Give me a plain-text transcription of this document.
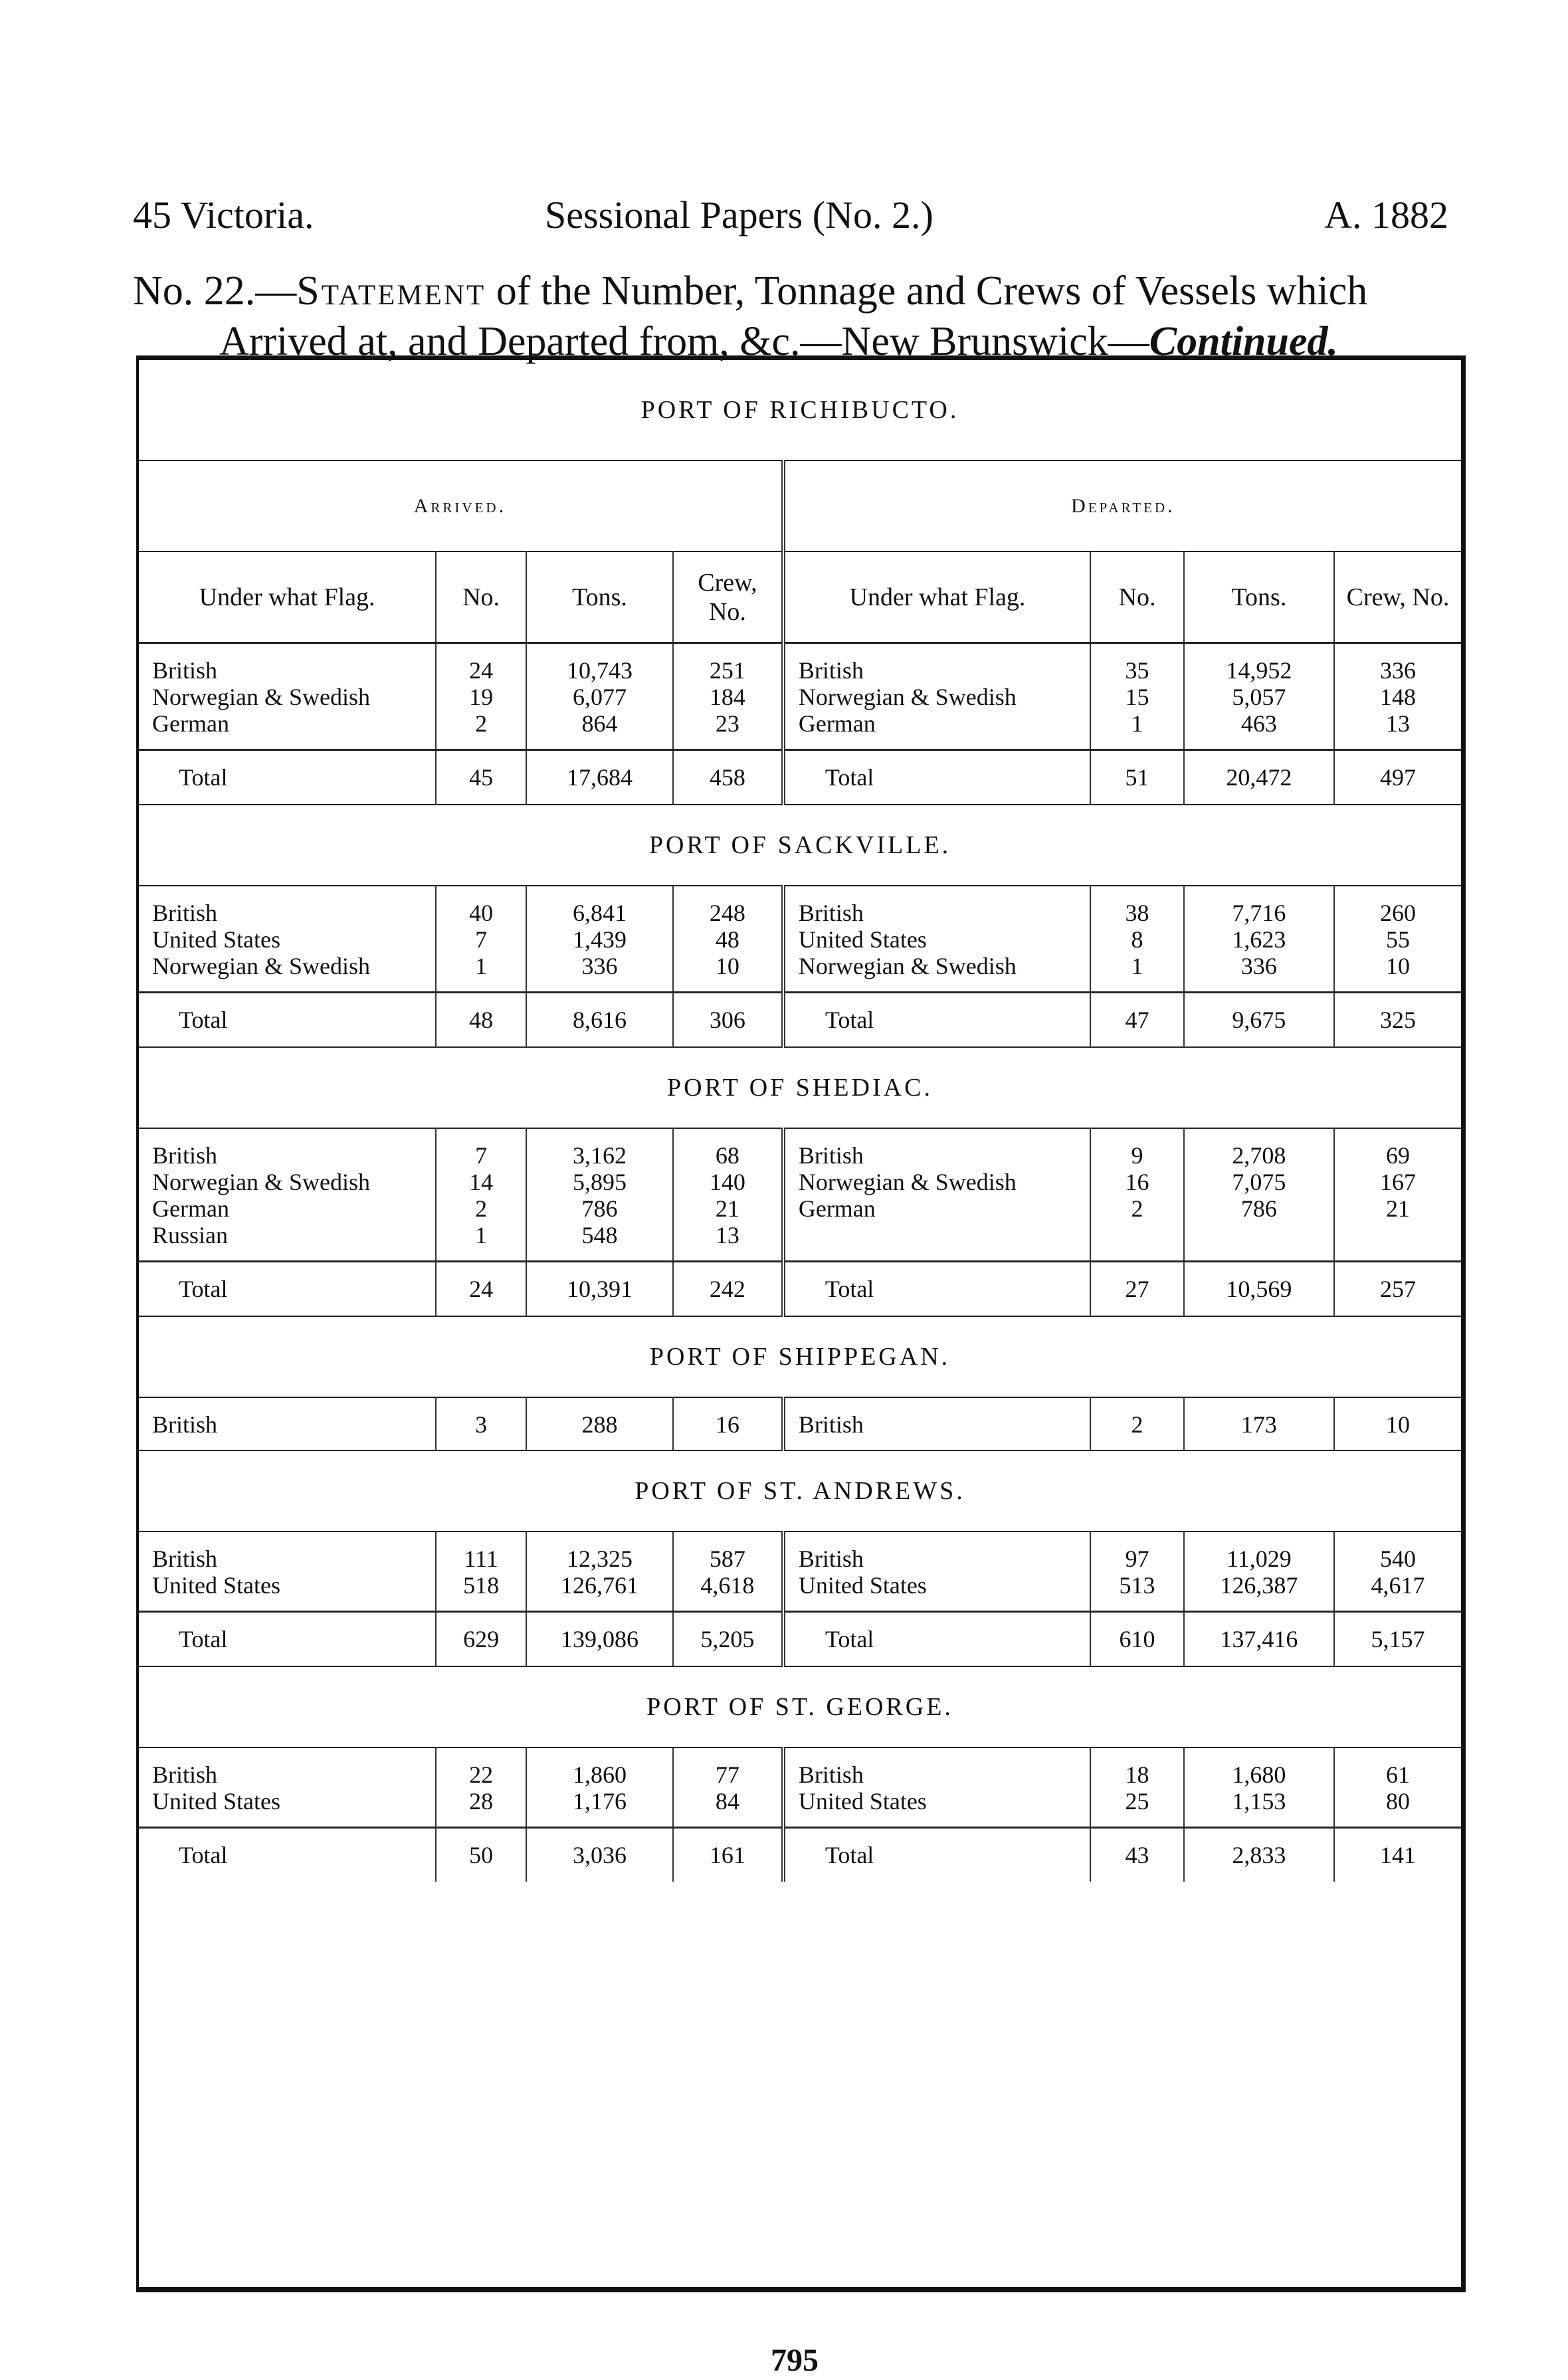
45 Victoria.	Sessional Papers (No. 2.)	A. 1882
No. 22.—Statement of the Number, Tonnage and Crews of Vessels which
Arrived at, and Departed from, &c.—New Brunswick—Continued.
PORT OF RICHIBUCTO.							
Arrived.				Departed.			
Under what Flag.	No.	Tons.	Crew, No.	Under what Flag.	No.	Tons.	Crew, No.
British	24	10,743	251	British	35	14,952	336
Norwegian & Swedish	19	6,077	184	Norwegian & Swedish	15	5,057	148
German	2	864	23	German	1	463	13
Total	45	17,684	458	Total	51	20,472	497
PORT OF SACKVILLE.							
British	40	6,841	248	British	38	7,716	260
United States	7	1,439	48	United States	8	1,623	55
Norwegian & Swedish	1	336	10	Norwegian & Swedish	1	336	10
Total	48	8,616	306	Total	47	9,675	325
PORT OF SHEDIAC.							
British	7	3,162	68	British	9	2,708	69
Norwegian & Swedish	14	5,895	140	Norwegian & Swedish	16	7,075	167
German	2	786	21	German	2	786	21
Russian	1	548	13				
Total	24	10,391	242	Total	27	10,569	257
PORT OF SHIPPEGAN.							
British	3	288	16	British	2	173	10
PORT OF ST. ANDREWS.							
British	111	12,325	587	British	97	11,029	540
United States	518	126,761	4,618	United States	513	126,387	4,617
Total	629	139,086	5,205	Total	610	137,416	5,157
PORT OF ST. GEORGE.							
British	22	1,860	77	British	18	1,680	61
United States	28	1,176	84	United States	25	1,153	80
Total	50	3,036	161	Total	43	2,833	141
795
